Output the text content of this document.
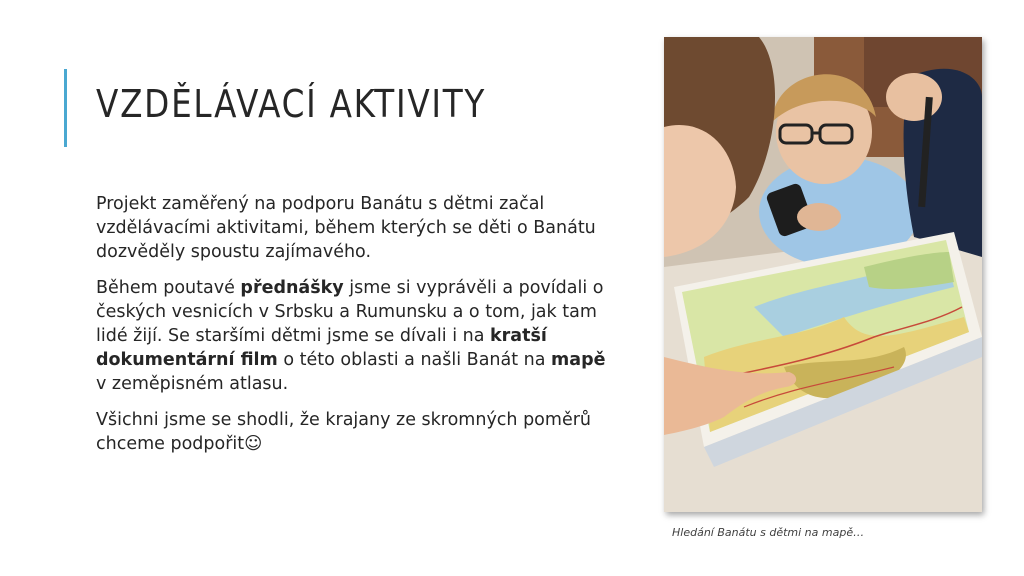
VZDĚLÁVACÍ AKTIVITY

Projekt zaměřený na podporu Banátu s dětmi začal vzdělávacími aktivitami, během kterých se děti o Banátu dozvěděly spoustu zajímavého.

Během poutavé přednášky jsme si vyprávěli a povídali o českých vesnicích v Srbsku a Rumunsku a o tom, jak tam lidé žijí. Se staršími dětmi jsme se dívali i na kratší dokumentární film o této oblasti a našli Banát na mapě v zeměpisném atlasu.

Všichni jsme se shodli, že krajany ze skromných poměrů chceme podpořit☺

Hledání Banátu s dětmi na mapě…
